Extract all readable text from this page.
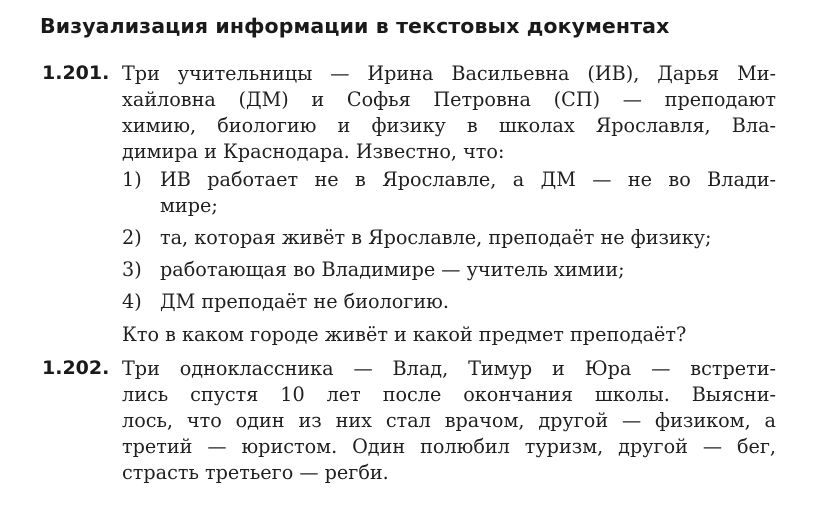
Визуализация информации в текстовых документах
1.201. Три учительницы — Ирина Васильевна (ИВ), Дарья Ми-
хайловна (ДМ) и Софья Петровна (СП) — преподают
химию, биологию и физику в школах Ярославля, Вла-
димира и Краснодара. Известно, что:
1) ИВ работает не в Ярославле, а ДМ — не во Влади-
мире;
2) та, которая живёт в Ярославле, преподаёт не физику;
3) работающая во Владимире — учитель химии;
4) ДМ преподаёт не биологию.
Кто в каком городе живёт и какой предмет преподаёт?
1.202. Три одноклассника — Влад, Тимур и Юра — встрети-
лись спустя 10 лет после окончания школы. Выясни-
лось, что один из них стал врачом, другой — физиком, а
третий — юристом. Один полюбил туризм, другой — бег,
страсть третьего — регби.
